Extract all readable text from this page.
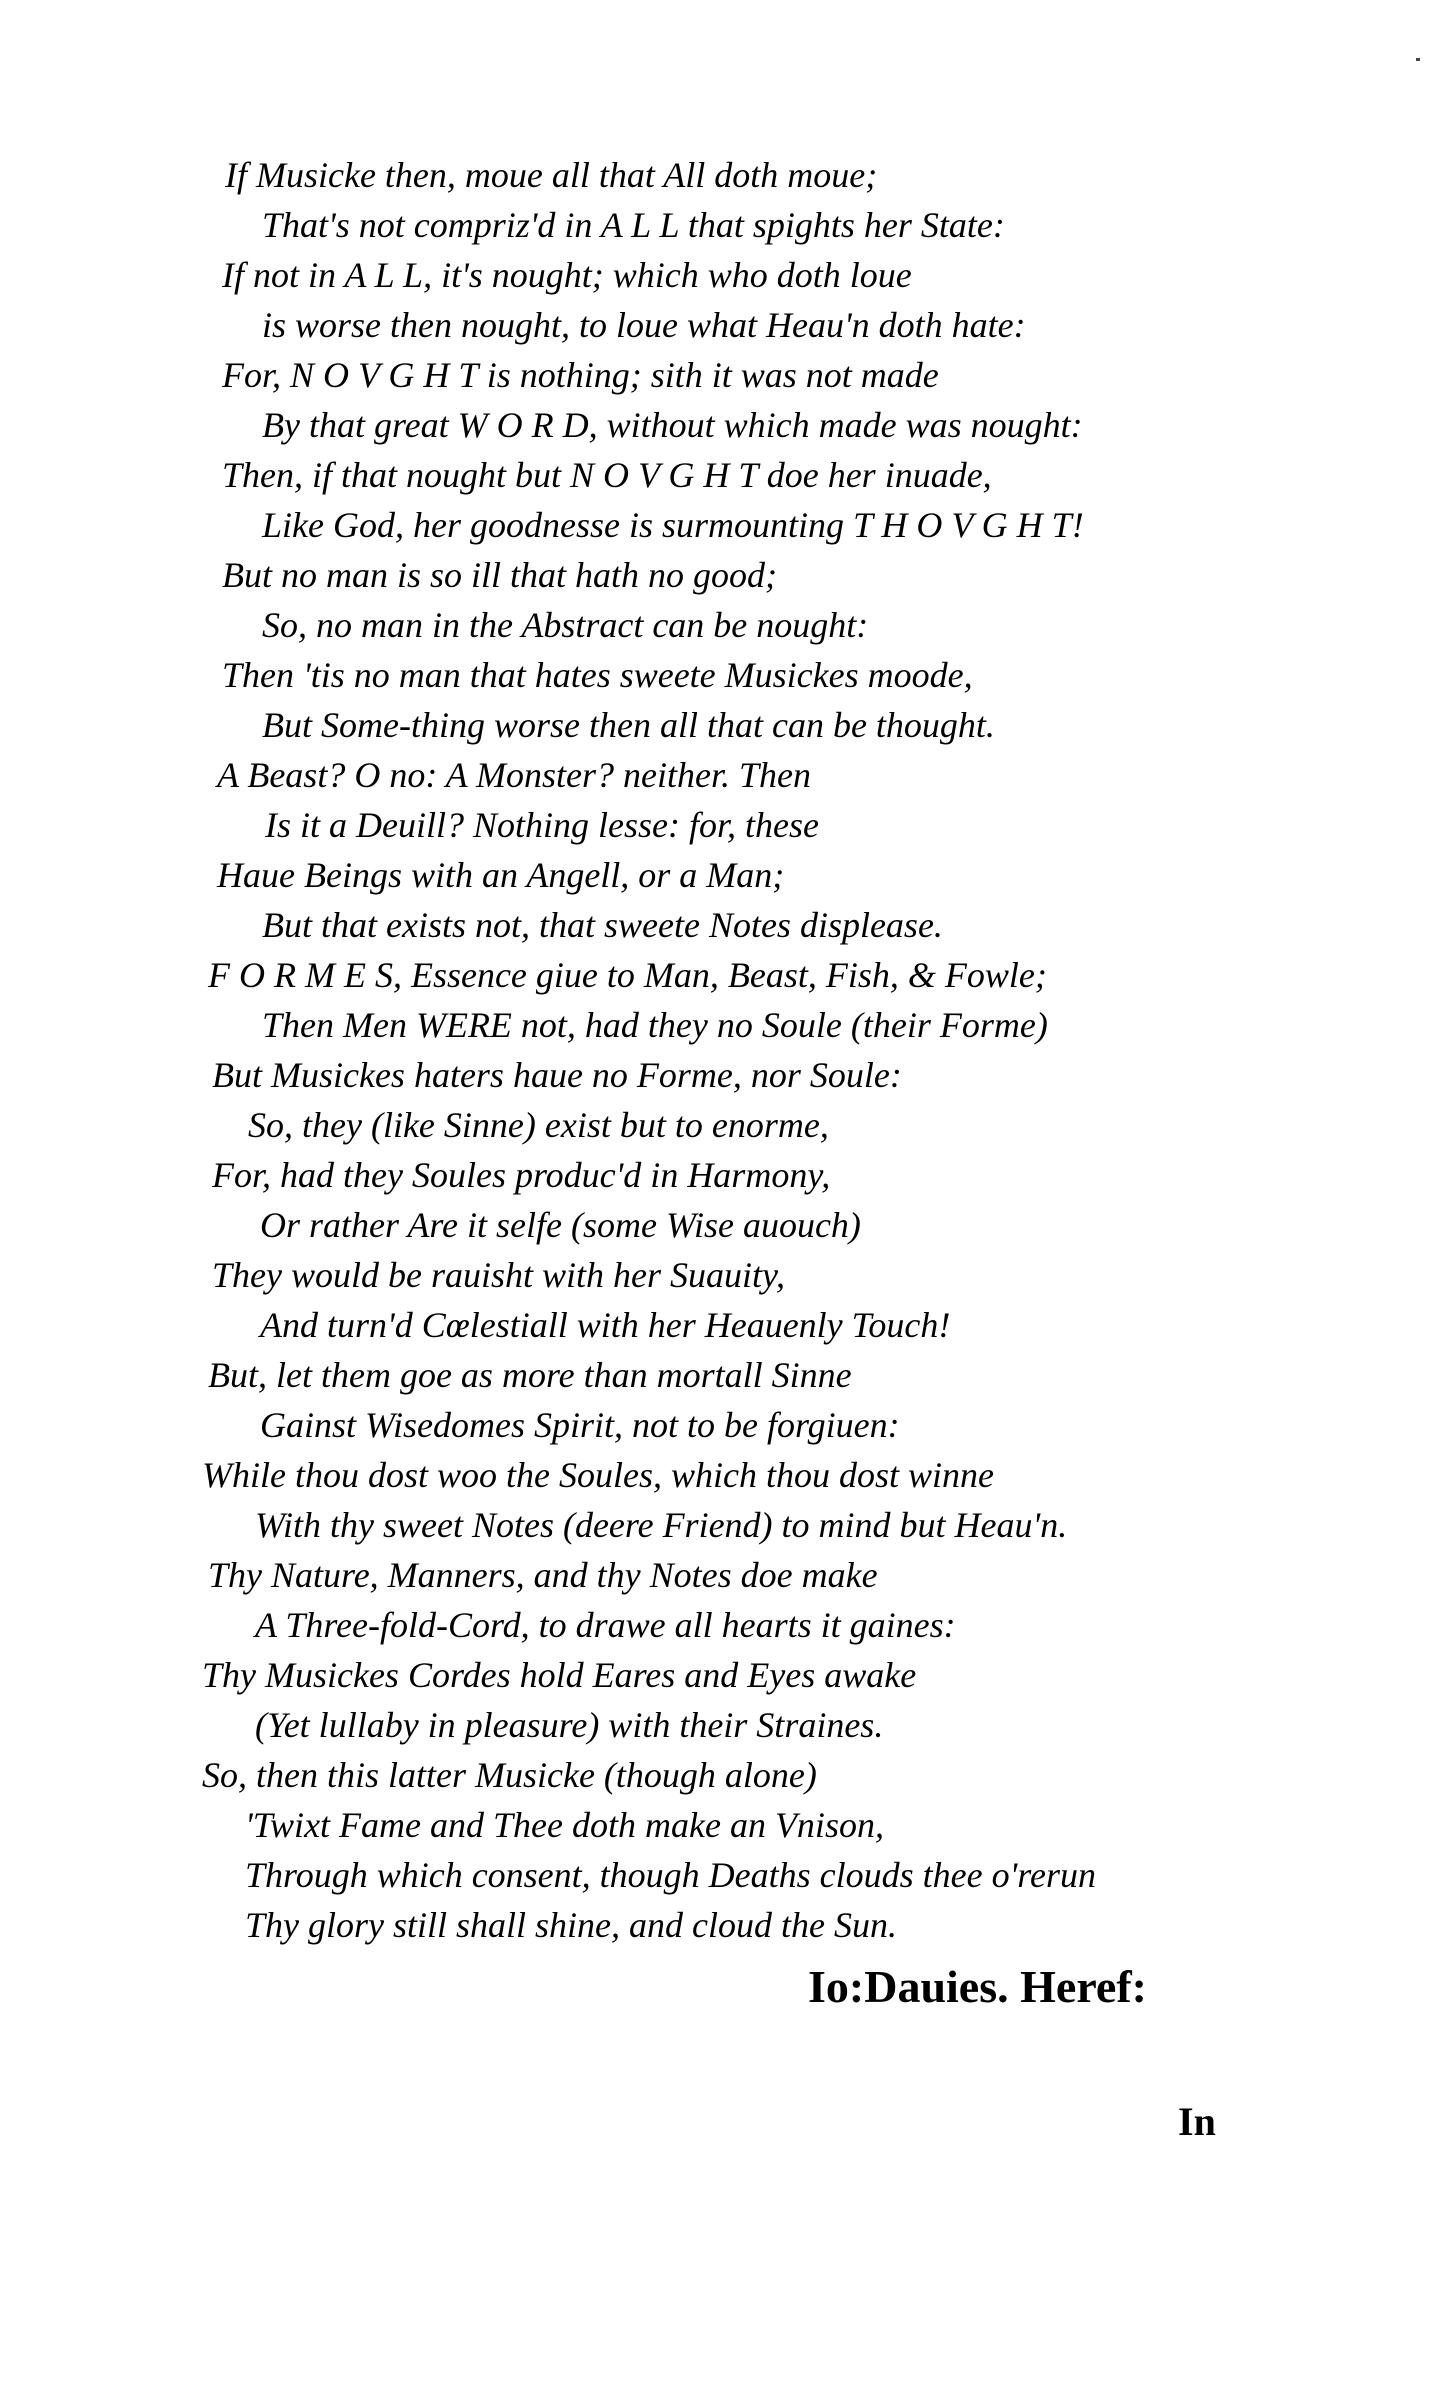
If Musicke then, moue all that All doth moue;
That's not compriz'd in A L L that spights her State:
If not in A L L, it's nought; which who doth loue
is worse then nought, to loue what Heau'n doth hate:
For, N O V G H T is nothing; sith it was not made
By that great W O R D, without which made was nought:
Then, if that nought but N O V G H T doe her inuade,
Like God, her goodnesse is surmounting T H O V G H T!
But no man is so ill that hath no good;
So, no man in the Abstract can be nought:
Then 'tis no man that hates sweete Musickes moode,
But Some-thing worse then all that can be thought.
A Beast? O no: A Monster? neither. Then
Is it a Deuill? Nothing lesse: for, these
Haue Beings with an Angell, or a Man;
But that exists not, that sweete Notes displease.
F O R M E S, Essence giue to Man, Beast, Fish, & Fowle;
Then Men WERE not, had they no Soule (their Forme)
But Musickes haters haue no Forme, nor Soule:
So, they (like Sinne) exist but to enorme,
For, had they Soules produc'd in Harmony,
Or rather Are it selfe (some Wise auouch)
They would be rauisht with her Suauity,
And turn'd Cœlestiall with her Heauenly Touch!
But, let them goe as more than mortall Sinne
Gainst Wisedomes Spirit, not to be forgiuen:
While thou dost woo the Soules, which thou dost winne
With thy sweet Notes (deere Friend) to mind but Heau'n.
Thy Nature, Manners, and thy Notes doe make
A Three-fold-Cord, to drawe all hearts it gaines:
Thy Musickes Cordes hold Eares and Eyes awake
(Yet lullaby in pleasure) with their Straines.
So, then this latter Musicke (though alone)
'Twixt Fame and Thee doth make an Vnison,
Through which consent, though Deaths clouds thee o'rerun
Thy glory still shall shine, and cloud the Sun.
Io:Dauies. Heref:
In
